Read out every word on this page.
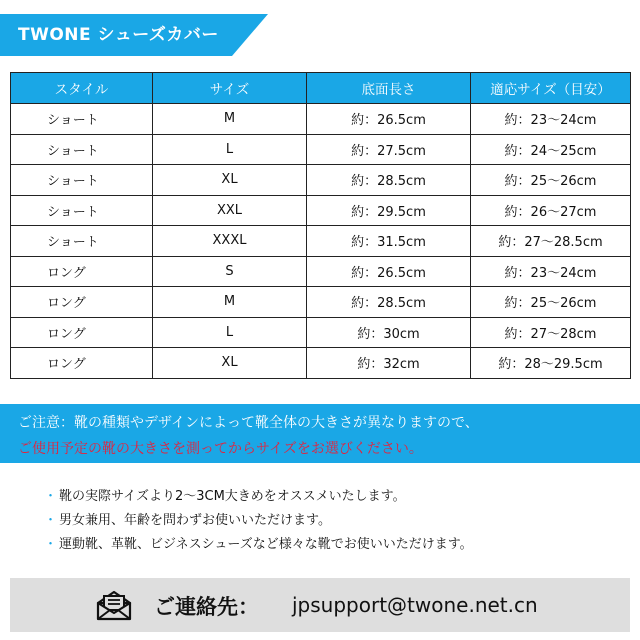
TWONE シューズカバー
スタイル	サイズ	底面長さ	適応サイズ（目安）
ショート	M	約：26.5cm	約：23～24cm
ショート	L	約：27.5cm	約：24～25cm
ショート	XL	約：28.5cm	約：25～26cm
ショート	XXL	約：29.5cm	約：26～27cm
ショート	XXXL	約：31.5cm	約：27～28.5cm
ロング	S	約：26.5cm	約：23～24cm
ロング	M	約：28.5cm	約：25～26cm
ロング	L	約：30cm	約：27～28cm
ロング	XL	約：32cm	約：28～29.5cm
ご注意：靴の種類やデザインによって靴全体の大きさが異なりますので、
ご使用予定の靴の大きさを測ってからサイズをお選びください。
・ 靴の実際サイズより2～3CM大きめをオススメいたします。
・ 男女兼用、年齢を問わずお使いいただけます。
・ 運動靴、革靴、ビジネスシューズなど様々な靴でお使いいただけます。
ご連絡先： jpsupport@twone.net.cn
